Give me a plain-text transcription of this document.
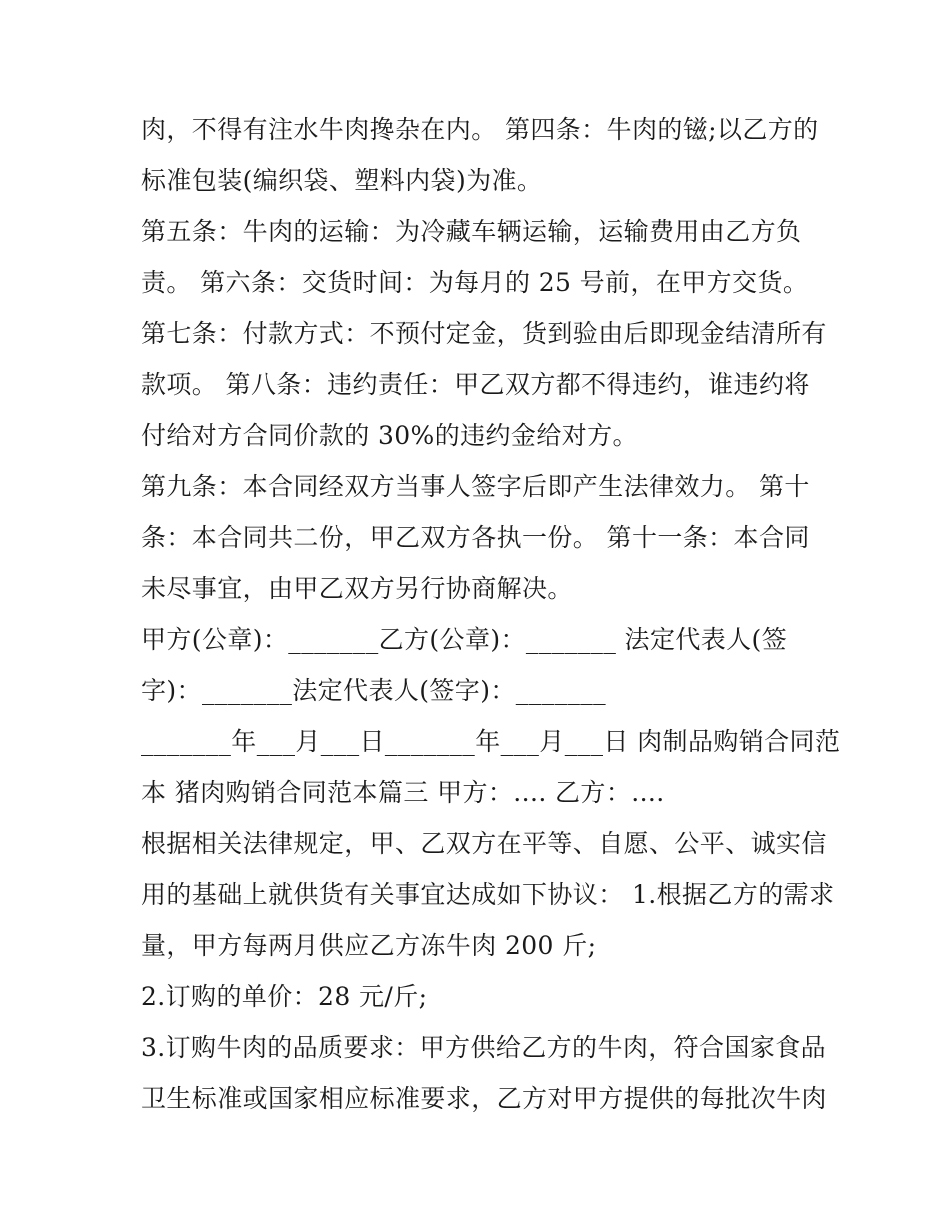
肉，不得有注水牛肉搀杂在内。 第四条：牛肉的镃;以乙方的
标准包装(编织袋、塑料内袋)为准。
第五条：牛肉的运输：为冷藏车辆运输，运输费用由乙方负
责。 第六条：交货时间：为每月的 25 号前，在甲方交货。
第七条：付款方式：不预付定金，货到验由后即现金结清所有
款项。 第八条：违约责任：甲乙双方都不得违约，谁违约将
付给对方合同价款的 30%的违约金给对方。
第九条：本合同经双方当事人签字后即产生法律效力。 第十
条：本合同共二份，甲乙双方各执一份。 第十一条：本合同
未尽事宜，由甲乙双方另行协商解决。
甲方(公章)：_______乙方(公章)：_______ 法定代表人(签
字)：_______法定代表人(签字)：_______
_______年___月___日_______年___月___日 肉制品购销合同范
本 猪肉购销合同范本篇三 甲方：.... 乙方：....
根据相关法律规定，甲、乙双方在平等、自愿、公平、诚实信
用的基础上就供货有关事宜达成如下协议： 1.根据乙方的需求
量，甲方每两月供应乙方冻牛肉 200 斤;
2.订购的单价：28 元/斤;
3.订购牛肉的品质要求：甲方供给乙方的牛肉，符合国家食品
卫生标准或国家相应标准要求，乙方对甲方提供的每批次牛肉
